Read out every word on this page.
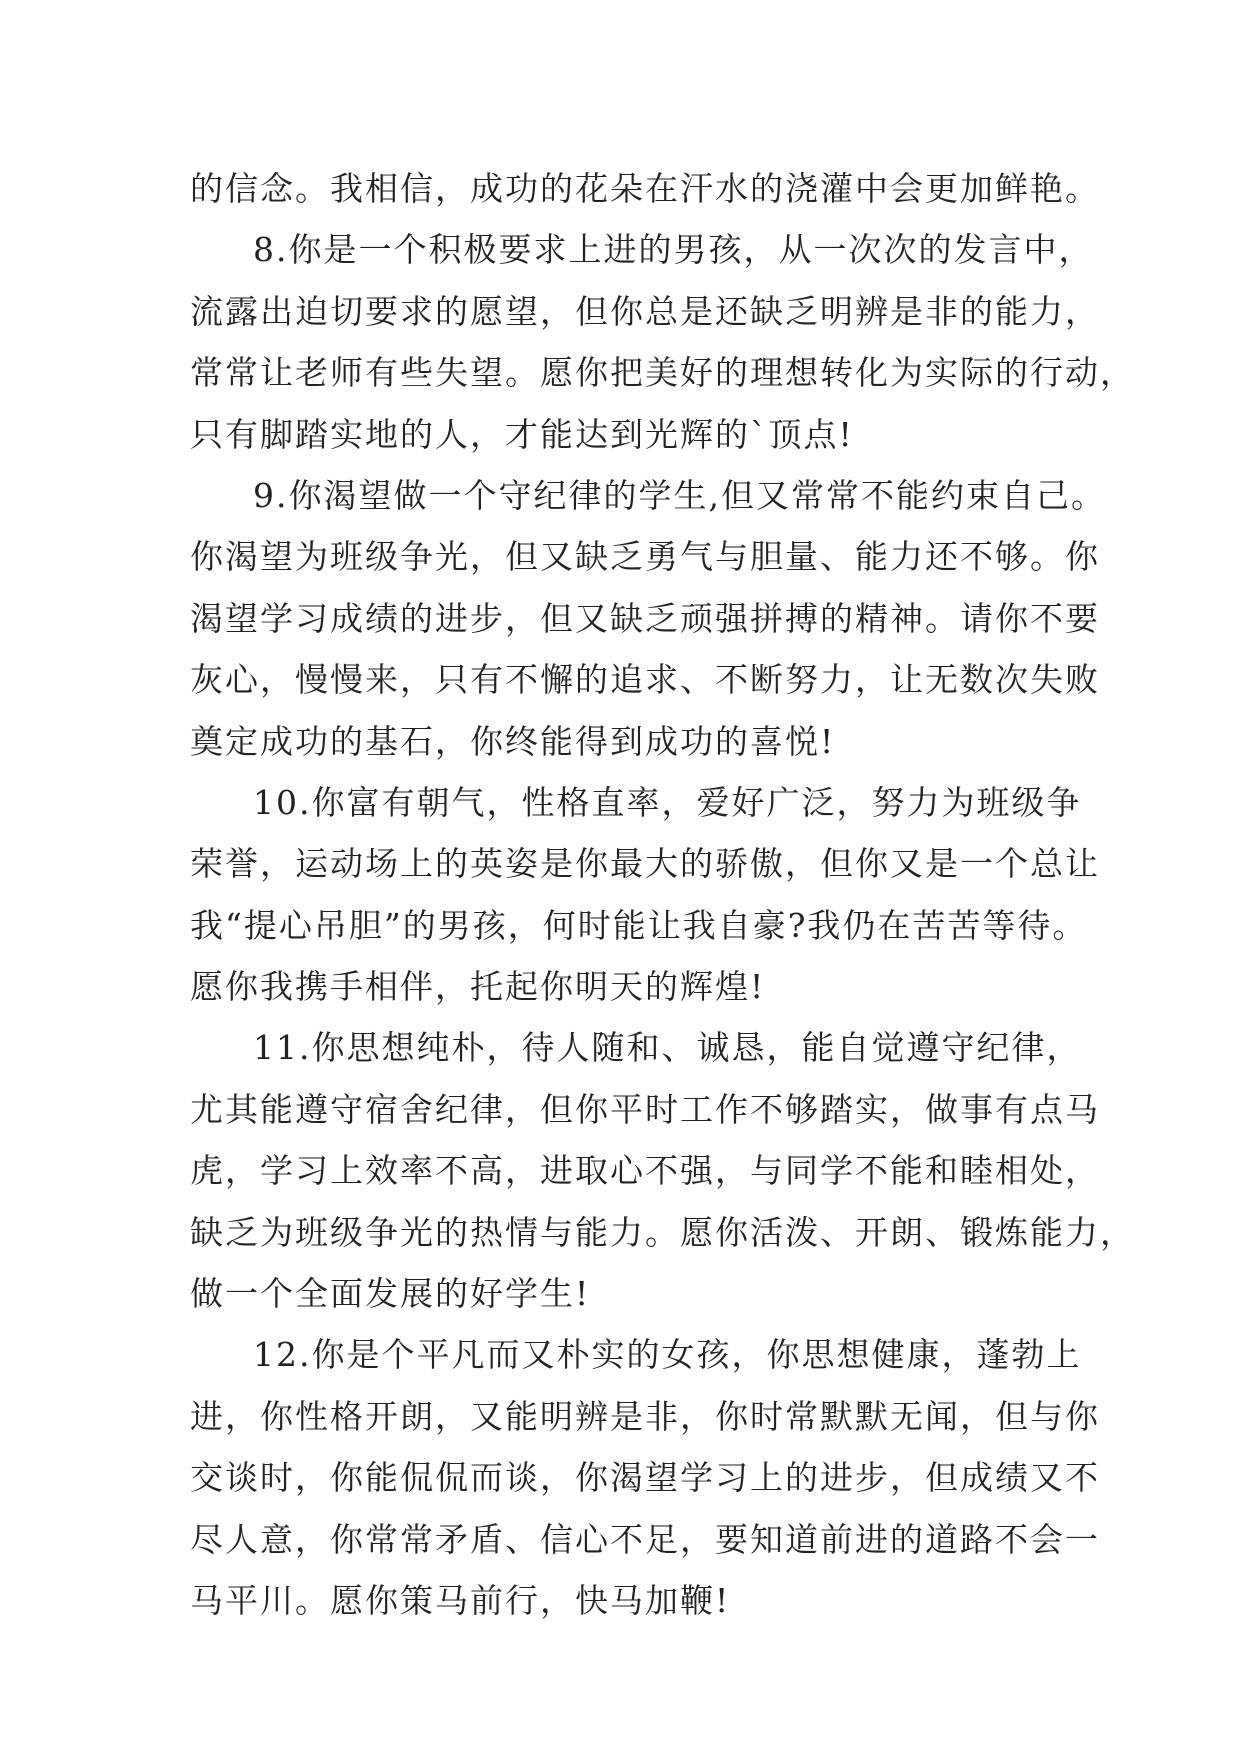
的信念。我相信，成功的花朵在汗水的浇灌中会更加鲜艳。
8.你是一个积极要求上进的男孩，从一次次的发言中，
流露出迫切要求的愿望，但你总是还缺乏明辨是非的能力，
常常让老师有些失望。愿你把美好的理想转化为实际的行动，
只有脚踏实地的人，才能达到光辉的`顶点!
9.你渴望做一个守纪律的学生,但又常常不能约束自己。
你渴望为班级争光，但又缺乏勇气与胆量、能力还不够。你
渴望学习成绩的进步，但又缺乏顽强拼搏的精神。请你不要
灰心，慢慢来，只有不懈的追求、不断努力，让无数次失败
奠定成功的基石，你终能得到成功的喜悦!
10.你富有朝气，性格直率，爱好广泛，努力为班级争
荣誉，运动场上的英姿是你最大的骄傲，但你又是一个总让
我“提心吊胆”的男孩，何时能让我自豪?我仍在苦苦等待。
愿你我携手相伴，托起你明天的辉煌!
11.你思想纯朴，待人随和、诚恳，能自觉遵守纪律，
尤其能遵守宿舍纪律，但你平时工作不够踏实，做事有点马
虎，学习上效率不高，进取心不强，与同学不能和睦相处，
缺乏为班级争光的热情与能力。愿你活泼、开朗、锻炼能力，
做一个全面发展的好学生!
12.你是个平凡而又朴实的女孩，你思想健康，蓬勃上
进，你性格开朗，又能明辨是非，你时常默默无闻，但与你
交谈时，你能侃侃而谈，你渴望学习上的进步，但成绩又不
尽人意，你常常矛盾、信心不足，要知道前进的道路不会一
马平川。愿你策马前行，快马加鞭!
